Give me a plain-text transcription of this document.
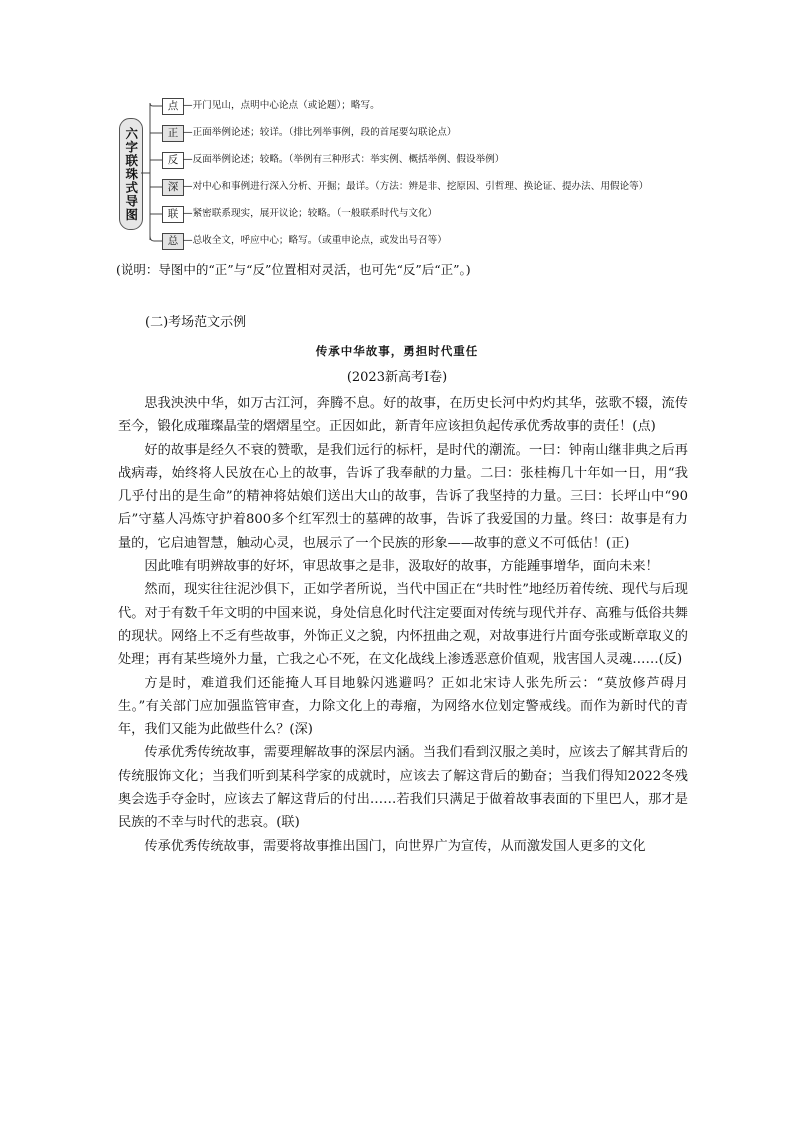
六字联珠式导图
点 —开门见山，点明中心论点（或论题）；略写。
正 —正面举例论述；较详。（排比列举事例，段的首尾要勾联论点）
反 —反面举例论述；较略。（举例有三种形式：举实例、概括举例、假设举例）
深 —对中心和事例进行深入分析、开掘；最详。（方法：辨是非、挖原因、引哲理、换论证、提办法、用假论等）
联 —紧密联系现实，展开议论；较略。（一般联系时代与文化）
总 —总收全文，呼应中心；略写。（或重申论点，或发出号召等）
(说明：导图中的“正”与“反”位置相对灵活，也可先“反”后“正”。)
(二)考场范文示例
传承中华故事，勇担时代重任
(2023新高考Ⅰ卷)

思我泱泱中华，如万古江河，奔腾不息。好的故事，在历史长河中灼灼其华，弦歌不辍，流传至今，锻化成璀璨晶莹的熠熠星空。正因如此，新青年应该担负起传承优秀故事的责任！(点)

好的故事是经久不衰的赞歌，是我们远行的标杆，是时代的潮流。一曰：钟南山继非典之后再战病毒，始终将人民放在心上的故事，告诉了我奉献的力量。二曰：张桂梅几十年如一日，用“我几乎付出的是生命”的精神将姑娘们送出大山的故事，告诉了我坚持的力量。三曰：长坪山中“90后”守墓人冯炼守护着800多个红军烈士的墓碑的故事，告诉了我爱国的力量。终曰：故事是有力量的，它启迪智慧，触动心灵，也展示了一个民族的形象——故事的意义不可低估！(正)

因此唯有明辨故事的好坏，审思故事之是非，汲取好的故事，方能踵事增华，面向未来！

然而，现实往往泥沙俱下，正如学者所说，当代中国正在“共时性”地经历着传统、现代与后现代。对于有数千年文明的中国来说，身处信息化时代注定要面对传统与现代并存、高雅与低俗共舞的现状。网络上不乏有些故事，外饰正义之貌，内怀扭曲之观，对故事进行片面夸张或断章取义的处理；再有某些境外力量，亡我之心不死，在文化战线上渗透恶意价值观，戕害国人灵魂……(反)

方是时，难道我们还能掩人耳目地躲闪逃避吗？正如北宋诗人张先所云：“莫放修芦碍月生。”有关部门应加强监管审查，力除文化上的毒瘤，为网络水位划定警戒线。而作为新时代的青年，我们又能为此做些什么？(深)

传承优秀传统故事，需要理解故事的深层内涵。当我们看到汉服之美时，应该去了解其背后的传统服饰文化；当我们听到某科学家的成就时，应该去了解这背后的勤奋；当我们得知2022冬残奥会选手夺金时，应该去了解这背后的付出……若我们只满足于做着故事表面的下里巴人，那才是民族的不幸与时代的悲哀。(联)

传承优秀传统故事，需要将故事推出国门，向世界广为宣传，从而激发国人更多的文化
